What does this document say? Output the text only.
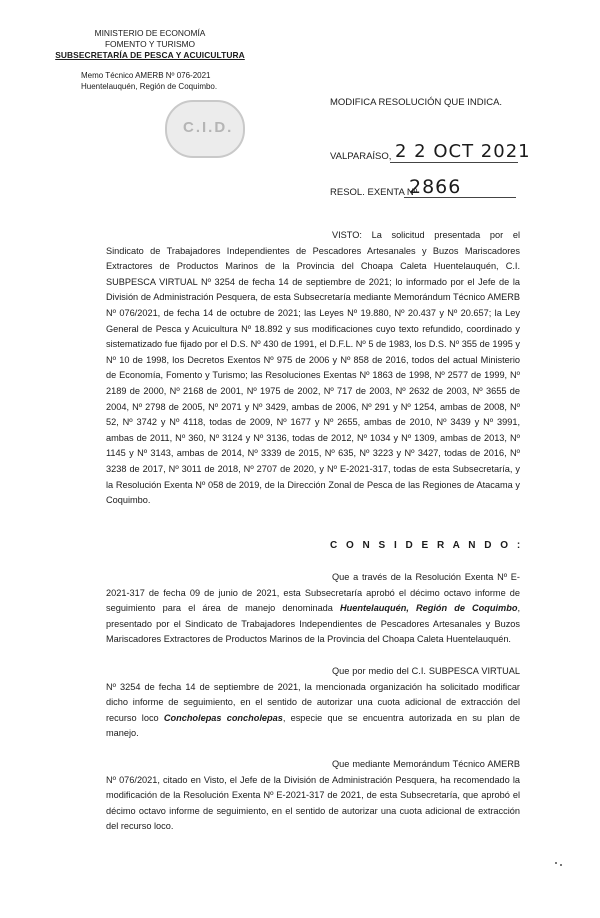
MINISTERIO DE ECONOMÍA
FOMENTO Y TURISMO
SUBSECRETARÍA DE PESCA Y ACUICULTURA
Memo Técnico AMERB Nº 076-2021
Huentelauquén, Región de Coquimbo.
C.I.D.
MODIFICA RESOLUCIÓN QUE INDICA.
VALPARAÍSO, 2 2 OCT 2021
RESOL. EXENTA Nº
2866
VISTO: La solicitud presentada por el Sindicato de Trabajadores Independientes de Pescadores Artesanales y Buzos Mariscadores Extractores de Productos Marinos de la Provincia del Choapa Caleta Huentelauquén, C.I. SUBPESCA VIRTUAL Nº 3254 de fecha 14 de septiembre de 2021; lo informado por el Jefe de la División de Administración Pesquera, de esta Subsecretaría mediante Memorándum Técnico AMERB Nº 076/2021, de fecha 14 de octubre de 2021; las Leyes Nº 19.880, Nº 20.437 y Nº 20.657; la Ley General de Pesca y Acuicultura Nº 18.892 y sus modificaciones cuyo texto refundido, coordinado y sistematizado fue fijado por el D.S. Nº 430 de 1991, el D.F.L. Nº 5 de 1983, los D.S. Nº 355 de 1995 y Nº 10 de 1998, los Decretos Exentos Nº 975 de 2006 y Nº 858 de 2016, todos del actual Ministerio de Economía, Fomento y Turismo; las Resoluciones Exentas Nº 1863 de 1998, Nº 2577 de 1999, Nº 2189 de 2000, Nº 2168 de 2001, Nº 1975 de 2002, Nº 717 de 2003, Nº 2632 de 2003, Nº 3655 de 2004, Nº 2798 de 2005, Nº 2071 y Nº 3429, ambas de 2006, Nº 291 y Nº 1254, ambas de 2008, Nº 52, Nº 3742 y Nº 4118, todas de 2009, Nº 1677 y Nº 2655, ambas de 2010, Nº 3439 y Nº 3991, ambas de 2011, Nº 360, Nº 3124 y Nº 3136, todas de 2012, Nº 1034 y Nº 1309, ambas de 2013, Nº 1145 y Nº 3143, ambas de 2014, Nº 3339 de 2015, Nº 635, Nº 3223 y Nº 3427, todas de 2016, Nº 3238 de 2017, Nº 3011 de 2018, Nº 2707 de 2020, y Nº E-2021-317, todas de esta Subsecretaría, y la Resolución Exenta Nº 058 de 2019, de la Dirección Zonal de Pesca de las Regiones de Atacama y Coquimbo.
C O N S I D E R A N D O :
Que a través de la Resolución Exenta Nº E-2021-317 de fecha 09 de junio de 2021, esta Subsecretaría aprobó el décimo octavo informe de seguimiento para el área de manejo denominada Huentelauquén, Región de Coquimbo, presentado por el Sindicato de Trabajadores Independientes de Pescadores Artesanales y Buzos Mariscadores Extractores de Productos Marinos de la Provincia del Choapa Caleta Huentelauquén.
Que por medio del C.I. SUBPESCA VIRTUAL Nº 3254 de fecha 14 de septiembre de 2021, la mencionada organización ha solicitado modificar dicho informe de seguimiento, en el sentido de autorizar una cuota adicional de extracción del recurso loco Concholepas concholepas, especie que se encuentra autorizada en su plan de manejo.
Que mediante Memorándum Técnico AMERB Nº 076/2021, citado en Visto, el Jefe de la División de Administración Pesquera, ha recomendado la modificación de la Resolución Exenta Nº E-2021-317 de 2021, de esta Subsecretaría, que aprobó el décimo octavo informe de seguimiento, en el sentido de autorizar una cuota adicional de extracción del recurso loco.
